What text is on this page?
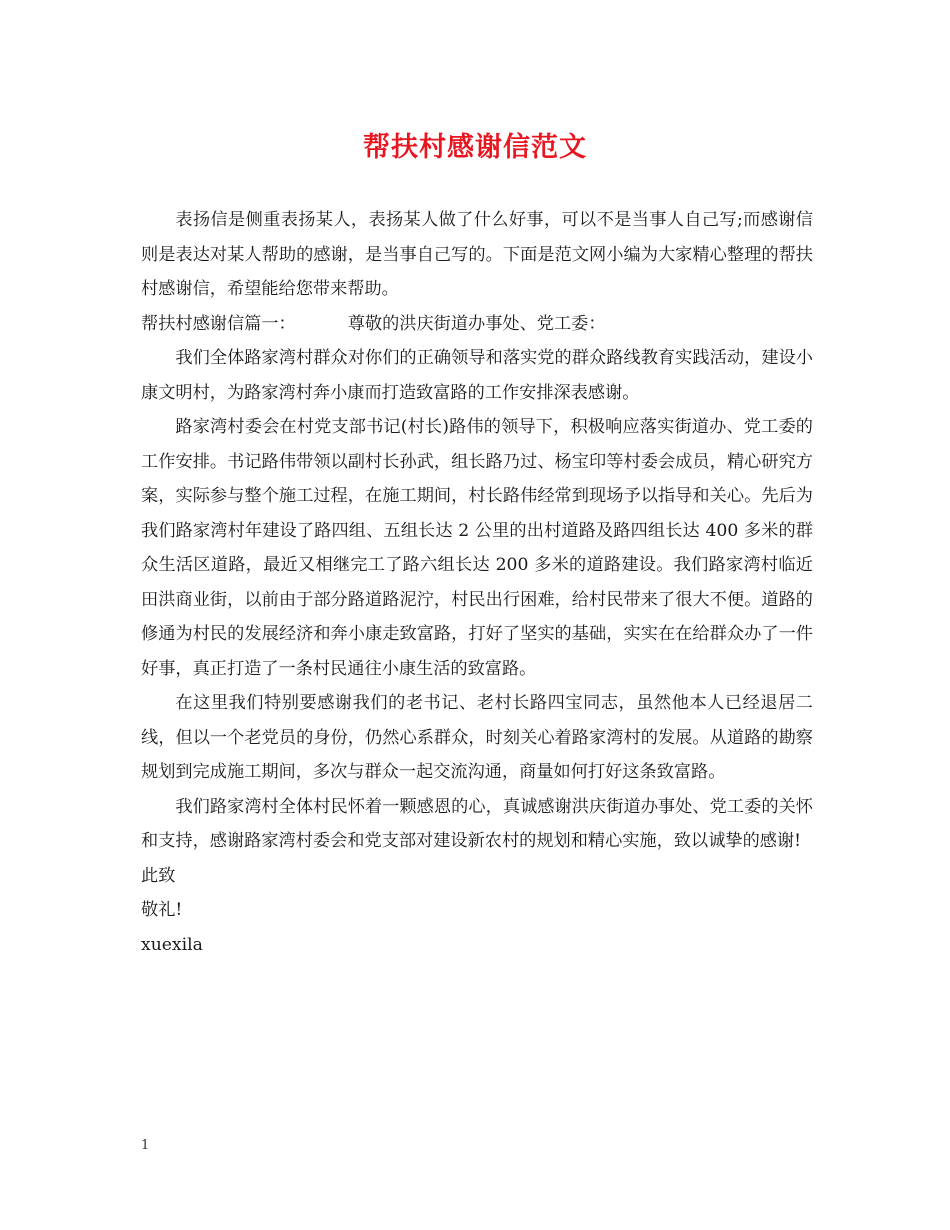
帮扶村感谢信范文

表扬信是侧重表扬某人，表扬某人做了什么好事，可以不是当事人自己写;而感谢信则是表达对某人帮助的感谢，是当事自己写的。下面是范文网小编为大家精心整理的帮扶村感谢信，希望能给您带来帮助。

帮扶村感谢信篇一：	尊敬的洪庆街道办事处、党工委：

我们全体路家湾村群众对你们的正确领导和落实党的群众路线教育实践活动，建设小康文明村，为路家湾村奔小康而打造致富路的工作安排深表感谢。

路家湾村委会在村党支部书记(村长)路伟的领导下，积极响应落实街道办、党工委的工作安排。书记路伟带领以副村长孙武，组长路乃过、杨宝印等村委会成员，精心研究方案，实际参与整个施工过程，在施工期间，村长路伟经常到现场予以指导和关心。先后为我们路家湾村年建设了路四组、五组长达 2 公里的出村道路及路四组长达 400 多米的群众生活区道路，最近又相继完工了路六组长达 200 多米的道路建设。我们路家湾村临近田洪商业街，以前由于部分路道路泥泞，村民出行困难，给村民带来了很大不便。道路的修通为村民的发展经济和奔小康走致富路，打好了坚实的基础，实实在在给群众办了一件好事，真正打造了一条村民通往小康生活的致富路。

在这里我们特别要感谢我们的老书记、老村长路四宝同志，虽然他本人已经退居二线，但以一个老党员的身份，仍然心系群众，时刻关心着路家湾村的发展。从道路的勘察规划到完成施工期间，多次与群众一起交流沟通，商量如何打好这条致富路。

我们路家湾村全体村民怀着一颗感恩的心，真诚感谢洪庆街道办事处、党工委的关怀和支持，感谢路家湾村委会和党支部对建设新农村的规划和精心实施，致以诚挚的感谢!

此致

敬礼!

xuexila

1
